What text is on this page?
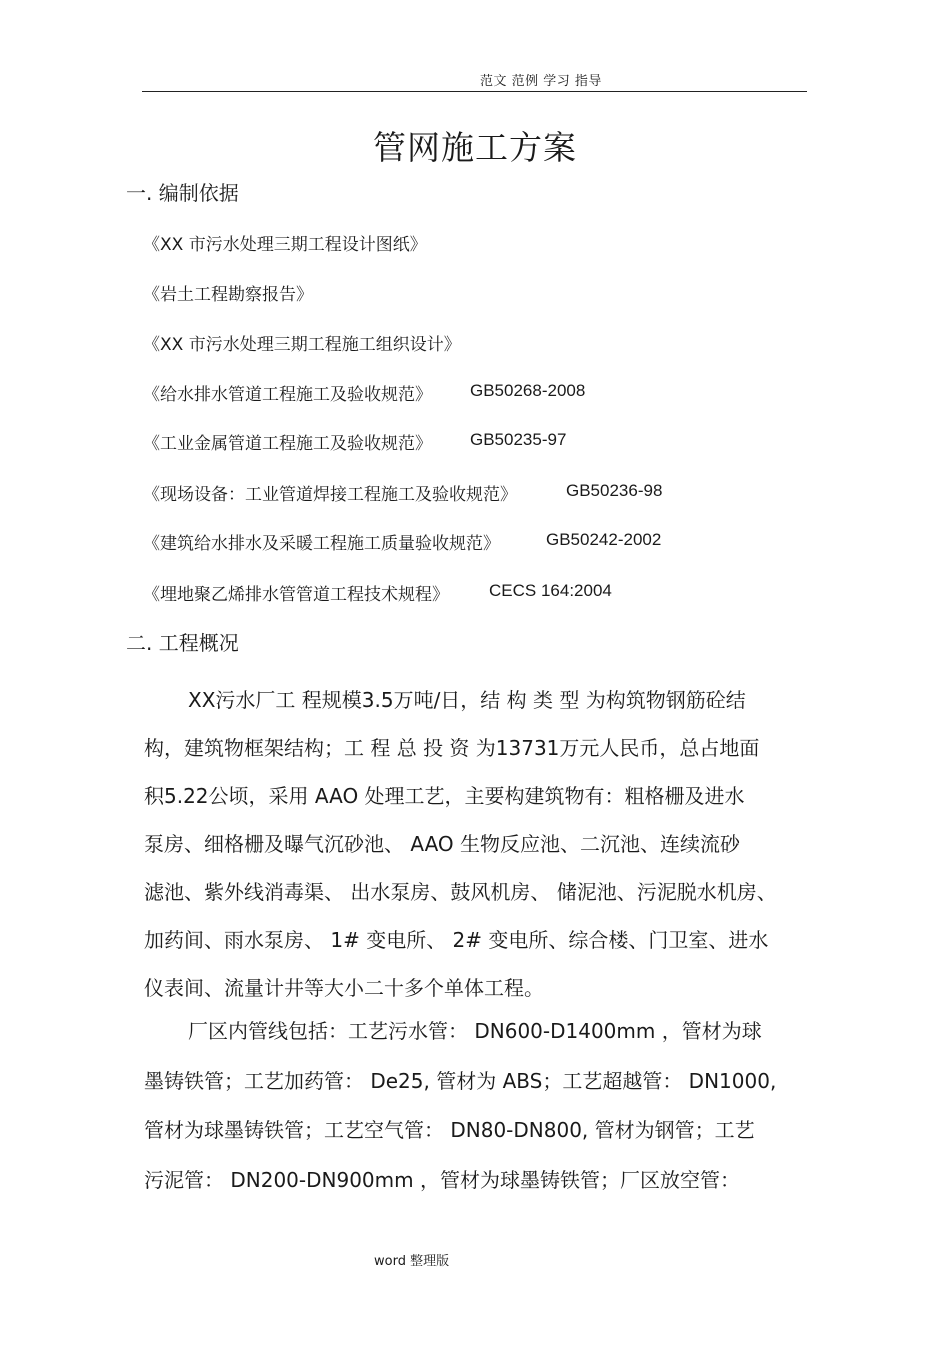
范文 范例 学习 指导
管网施工方案
一. 编制依据
《XX 市污水处理三期工程设计图纸》
《岩土工程勘察报告》
《XX 市污水处理三期工程施工组织设计》
《给水排水管道工程施工及验收规范》 GB50268-2008
《工业金属管道工程施工及验收规范》 GB50235-97
《现场设备：工业管道焊接工程施工及验收规范》	GB50236-98
《建筑给水排水及采暖工程施工质量验收规范》	GB50242-2002
《埋地聚乙烯排水管管道工程技术规程》 CECS 164:2004
二. 工程概况
XX污水厂工 程规模3.5万吨/日，结 构 类 型 为构筑物钢筋砼结
构，建筑物框架结构；工 程 总 投 资 为13731万元人民币，总占地面
积5.22公顷，采用 AAO 处理工艺，主要构建筑物有：粗格栅及进水
泵房、细格栅及曝气沉砂池、 AAO 生物反应池、二沉池、连续流砂
滤池、紫外线消毒渠、 出水泵房、鼓风机房、 储泥池、污泥脱水机房、
加药间、雨水泵房、 1# 变电所、 2# 变电所、综合楼、门卫室、进水
仪表间、流量计井等大小二十多个单体工程。
厂区内管线包括：工艺污水管： DN600-D1400mm ，管材为球
墨铸铁管；工艺加药管： De25, 管材为 ABS；工艺超越管： DN1000,
管材为球墨铸铁管；工艺空气管： DN80-DN800, 管材为钢管；工艺
污泥管： DN200-DN900mm ，管材为球墨铸铁管；厂区放空管：
word 整理版
